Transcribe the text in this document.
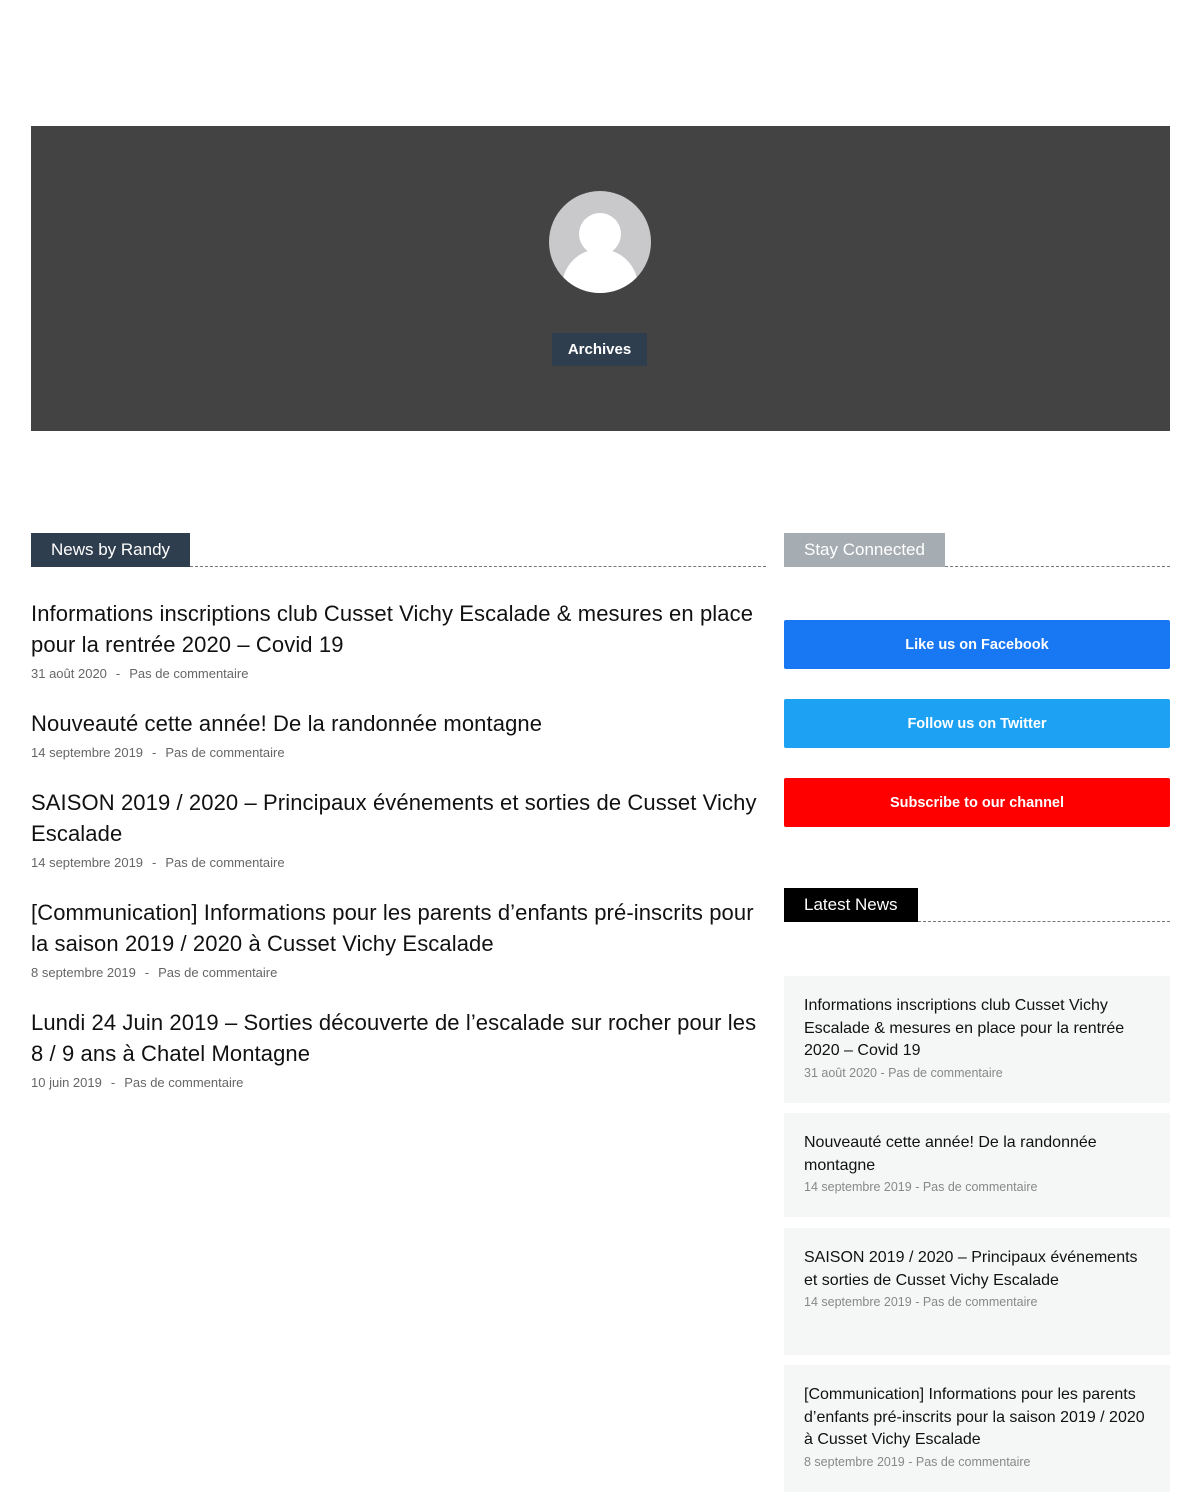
Archives
News by Randy
Informations inscriptions club Cusset Vichy Escalade & mesures en place pour la rentrée 2020 – Covid 19
31 août 2020 - Pas de commentaire
Nouveauté cette année! De la randonnée montagne
14 septembre 2019 - Pas de commentaire
SAISON 2019 / 2020 – Principaux événements et sorties de Cusset Vichy Escalade
14 septembre 2019 - Pas de commentaire
[Communication] Informations pour les parents d’enfants pré-inscrits pour la saison 2019 / 2020 à Cusset Vichy Escalade
8 septembre 2019 - Pas de commentaire
Lundi 24 Juin 2019 – Sorties découverte de l’escalade sur rocher pour les 8 / 9 ans à Chatel Montagne
10 juin 2019 - Pas de commentaire
Stay Connected
Like us on Facebook
Follow us on Twitter
Subscribe to our channel
Latest News
Informations inscriptions club Cusset Vichy Escalade & mesures en place pour la rentrée 2020 – Covid 19
31 août 2020 - Pas de commentaire
Nouveauté cette année! De la randonnée montagne
14 septembre 2019 - Pas de commentaire
SAISON 2019 / 2020 – Principaux événements et sorties de Cusset Vichy Escalade
14 septembre 2019 - Pas de commentaire
[Communication] Informations pour les parents d’enfants pré-inscrits pour la saison 2019 / 2020 à Cusset Vichy Escalade
8 septembre 2019 - Pas de commentaire
